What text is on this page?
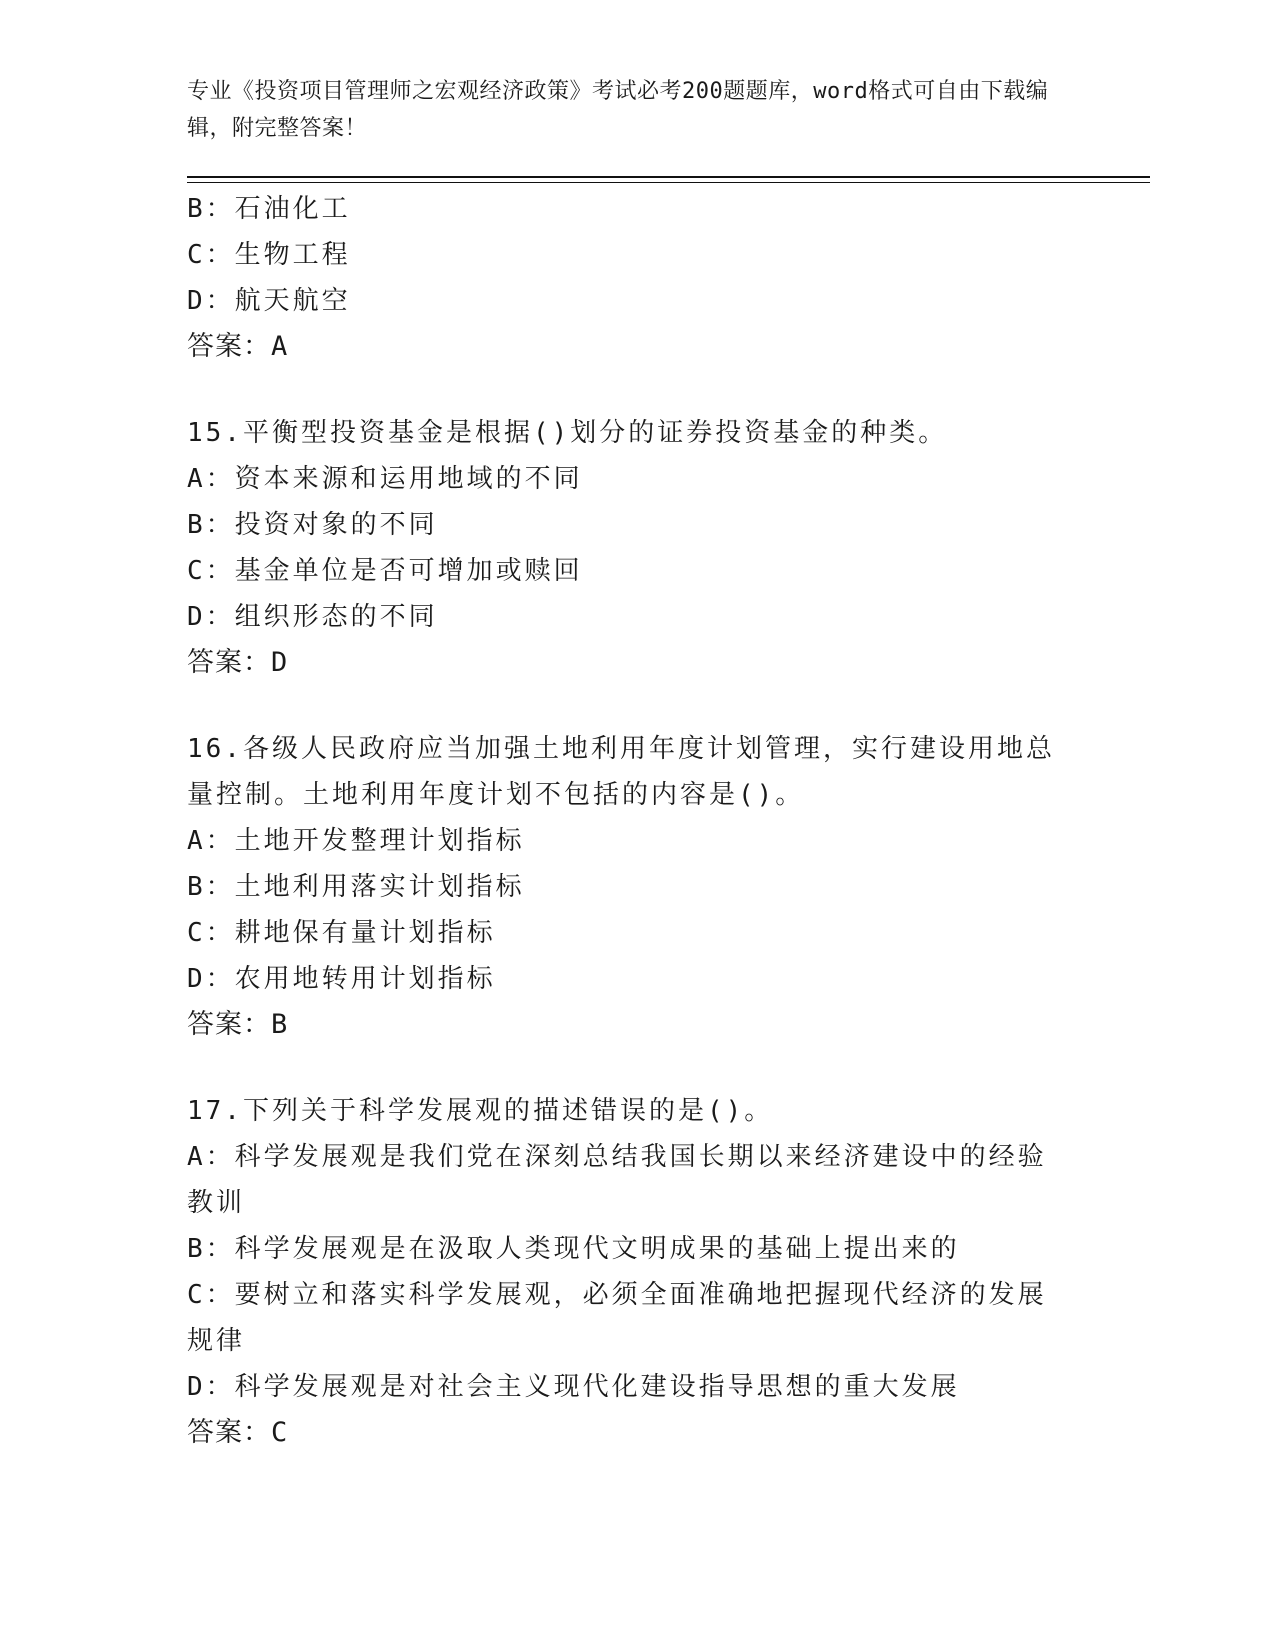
专业《投资项目管理师之宏观经济政策》考试必考200题题库，word格式可自由下载编辑，附完整答案！
B：石油化工
C：生物工程
D：航天航空
答案：A
15.平衡型投资基金是根据()划分的证券投资基金的种类。
A：资本来源和运用地域的不同
B：投资对象的不同
C：基金单位是否可增加或赎回
D：组织形态的不同
答案：D
16.各级人民政府应当加强土地利用年度计划管理，实行建设用地总量控制。土地利用年度计划不包括的内容是()。
A：土地开发整理计划指标
B：土地利用落实计划指标
C：耕地保有量计划指标
D：农用地转用计划指标
答案：B
17.下列关于科学发展观的描述错误的是()。
A：科学发展观是我们党在深刻总结我国长期以来经济建设中的经验教训
B：科学发展观是在汲取人类现代文明成果的基础上提出来的
C：要树立和落实科学发展观，必须全面准确地把握现代经济的发展规律
D：科学发展观是对社会主义现代化建设指导思想的重大发展
答案：C
